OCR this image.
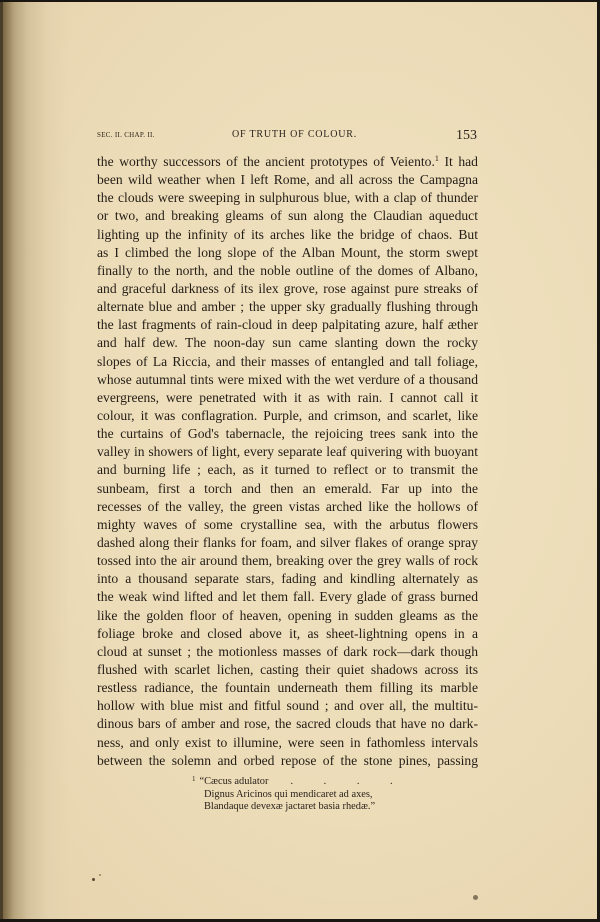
SEC. II. CHAP. II.	OF TRUTH OF COLOUR.	153
the worthy successors of the ancient prototypes of Veiento.$^1$ It had
been wild weather when I left Rome, and all across the Campagna
the clouds were sweeping in sulphurous blue, with a clap of thunder
or two, and breaking gleams of sun along the Claudian aqueduct
lighting up the infinity of its arches like the bridge of chaos. But
as I climbed the long slope of the Alban Mount, the storm swept
finally to the north, and the noble outline of the domes of Albano,
and graceful darkness of its ilex grove, rose against pure streaks of
alternate blue and amber ; the upper sky gradually flushing through
the last fragments of rain-cloud in deep palpitating azure, half æther
and half dew. The noon-day sun came slanting down the rocky
slopes of La Riccia, and their masses of entangled and tall foliage,
whose autumnal tints were mixed with the wet verdure of a thousand
evergreens, were penetrated with it as with rain. I cannot call it
colour, it was conflagration. Purple, and crimson, and scarlet, like
the curtains of God's tabernacle, the rejoicing trees sank into the
valley in showers of light, every separate leaf quivering with buoyant
and burning life ; each, as it turned to reflect or to transmit the
sunbeam, first a torch and then an emerald. Far up into the
recesses of the valley, the green vistas arched like the hollows of
mighty waves of some crystalline sea, with the arbutus flowers
dashed along their flanks for foam, and silver flakes of orange spray
tossed into the air around them, breaking over the grey walls of rock
into a thousand separate stars, fading and kindling alternately as
the weak wind lifted and let them fall. Every glade of grass burned
like the golden floor of heaven, opening in sudden gleams as the
foliage broke and closed above it, as sheet-lightning opens in a
cloud at sunset ; the motionless masses of dark rock—dark though
flushed with scarlet lichen, casting their quiet shadows across its
restless radiance, the fountain underneath them filling its marble
hollow with blue mist and fitful sound ; and over all, the multitu-
dinous bars of amber and rose, the sacred clouds that have no dark-
ness, and only exist to illumine, were seen in fathomless intervals
between the solemn and orbed repose of the stone pines, passing
$^1$ “Cæcus adulator . . . .
Dignus Aricinos qui mendicaret ad axes,
Blandaque devexæ jactaret basia rhedæ.”
